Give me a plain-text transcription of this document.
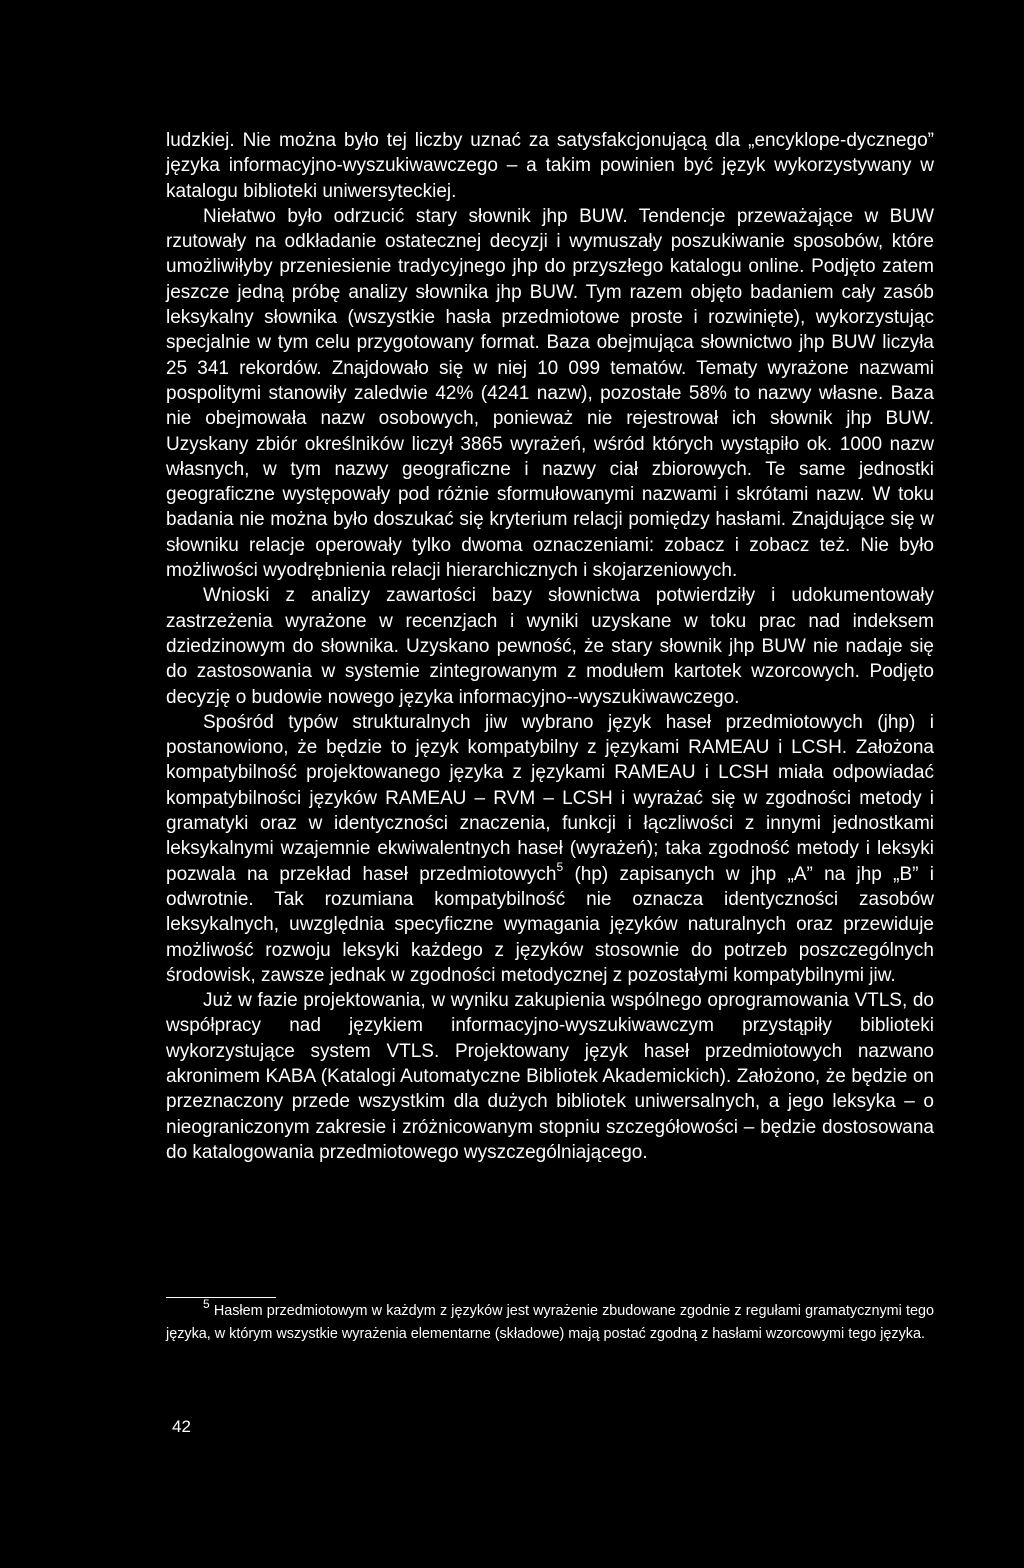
ludzkiej. Nie można było tej liczby uznać za satysfakcjonującą dla „encyklope-dycznego” języka informacyjno-wyszukiwawczego – a takim powinien być język wykorzystywany w katalogu biblioteki uniwersyteckiej.

Niełatwo było odrzucić stary słownik jhp BUW. Tendencje przeważające w BUW rzutowały na odkładanie ostatecznej decyzji i wymuszały poszukiwanie sposobów, które umożliwiłyby przeniesienie tradycyjnego jhp do przyszłego katalogu online. Podjęto zatem jeszcze jedną próbę analizy słownika jhp BUW. Tym razem objęto badaniem cały zasób leksykalny słownika (wszystkie hasła przedmiotowe proste i rozwinięte), wykorzystując specjalnie w tym celu przygotowany format. Baza obejmująca słownictwo jhp BUW liczyła 25 341 rekordów. Znajdowało się w niej 10 099 tematów. Tematy wyrażone nazwami pospolitymi stanowiły zaledwie 42% (4241 nazw), pozostałe 58% to nazwy własne. Baza nie obejmowała nazw osobowych, ponieważ nie rejestrował ich słownik jhp BUW. Uzyskany zbiór określników liczył 3865 wyrażeń, wśród których wystąpiło ok. 1000 nazw własnych, w tym nazwy geograficzne i nazwy ciał zbiorowych. Te same jednostki geograficzne występowały pod różnie sformułowanymi nazwami i skrótami nazw. W toku badania nie można było doszukać się kryterium relacji pomiędzy hasłami. Znajdujące się w słowniku relacje operowały tylko dwoma oznaczeniami: zobacz i zobacz też. Nie było możliwości wyodrębnienia relacji hierarchicznych i skojarzeniowych.

Wnioski z analizy zawartości bazy słownictwa potwierdziły i udokumentowały zastrzeżenia wyrażone w recenzjach i wyniki uzyskane w toku prac nad indeksem dziedzinowym do słownika. Uzyskano pewność, że stary słownik jhp BUW nie nadaje się do zastosowania w systemie zintegrowanym z modułem kartotek wzorcowych. Podjęto decyzję o budowie nowego języka informacyjno--wyszukiwawczego.

Spośród typów strukturalnych jiw wybrano język haseł przedmiotowych (jhp) i postanowiono, że będzie to język kompatybilny z językami RAMEAU i LCSH. Założona kompatybilność projektowanego języka z językami RAMEAU i LCSH miała odpowiadać kompatybilności języków RAMEAU – RVM – LCSH i wyrażać się w zgodności metody i gramatyki oraz w identyczności znaczenia, funkcji i łączliwości z innymi jednostkami leksykalnymi wzajemnie ekwiwalentnych haseł (wyrażeń); taka zgodność metody i leksyki pozwala na przekład haseł przedmiotowych$^5$ (hp) zapisanych w jhp „A” na jhp „B” i odwrotnie. Tak rozumiana kompatybilność nie oznacza identyczności zasobów leksykalnych, uwzględnia specyficzne wymagania języków naturalnych oraz przewiduje możliwość rozwoju leksyki każdego z języków stosownie do potrzeb poszczególnych środowisk, zawsze jednak w zgodności metodycznej z pozostałymi kompatybilnymi jiw.

Już w fazie projektowania, w wyniku zakupienia wspólnego oprogramowania VTLS, do współpracy nad językiem informacyjno-wyszukiwawczym przystąpiły biblioteki wykorzystujące system VTLS. Projektowany język haseł przedmiotowych nazwano akronimem KABA (Katalogi Automatyczne Bibliotek Akademickich). Założono, że będzie on przeznaczony przede wszystkim dla dużych bibliotek uniwersalnych, a jego leksyka – o nieograniczonym zakresie i zróżnicowanym stopniu szczegółowości – będzie dostosowana do katalogowania przedmiotowego wyszczególniającego.

$^5$ Hasłem przedmiotowym w każdym z języków jest wyrażenie zbudowane zgodnie z regułami gramatycznymi tego języka, w którym wszystkie wyrażenia elementarne (składowe) mają postać zgodną z hasłami wzorcowymi tego języka.

42
